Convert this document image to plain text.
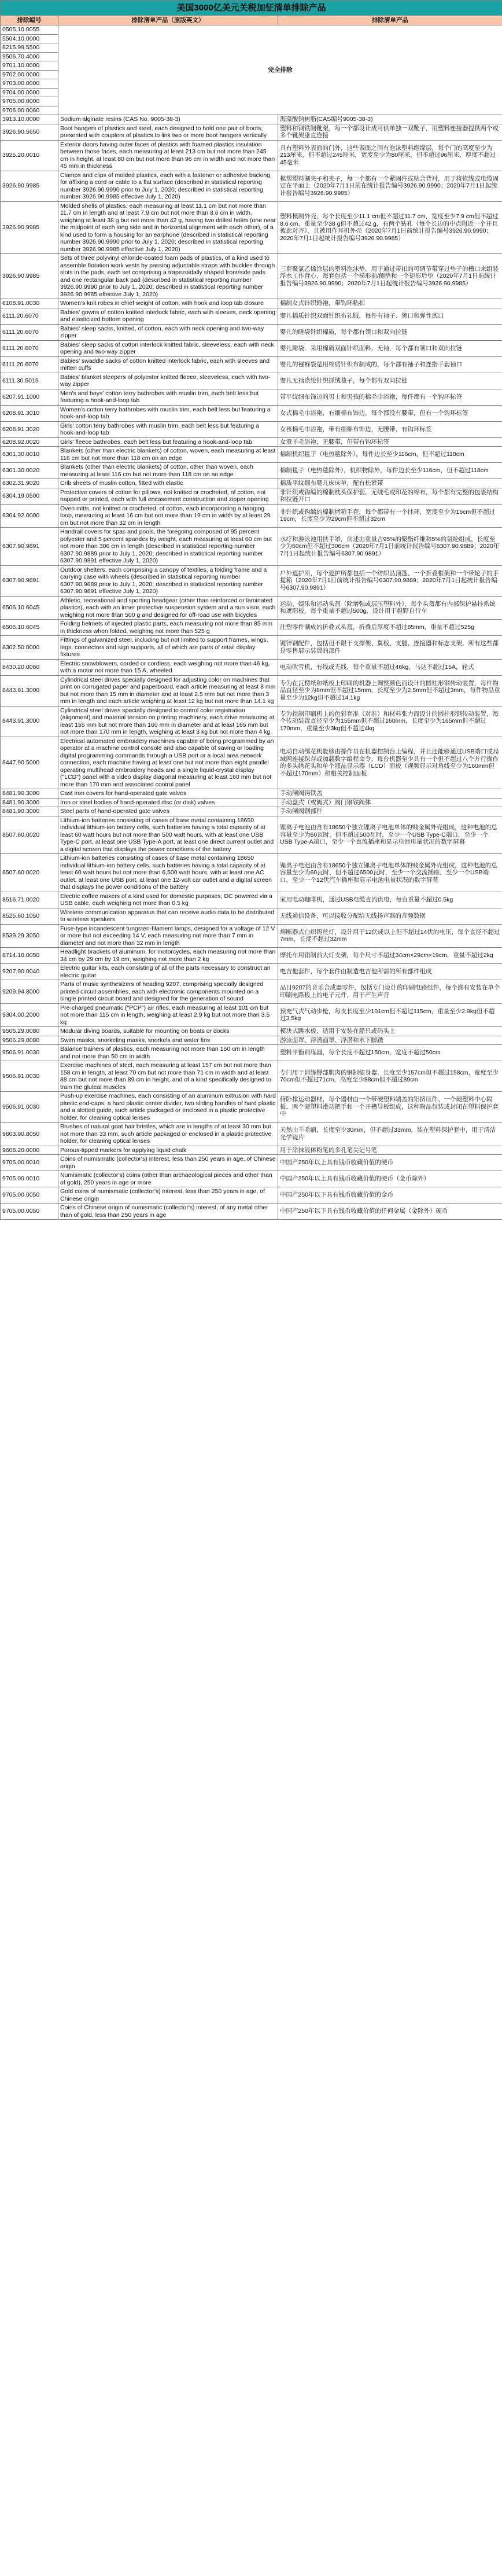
美国3000亿美元关税加征清单排除产品		
排除编号	排除清单产品（原版英文）	排除清单产品
0505.10.0055	完全排除	
5504.10.0000		
8215.99.5500		
9506.70.4000		
9701.10.0000		
9702.00.0000		
9703.00.0000		
9704.00.0000		
9705.00.0000		
9706.00.0060		
3913.10.0000	Sodium alginate resins (CAS No. 9005-38-3)	海藻酸钠树脂(CAS编号9005-38-3)
3926.90.5650	Boot hangers of plastics and steel, each designed to hold one pair of boots, presented with couplers of plastics to link two or more boot hangers vertically	塑料和钢铁制靴架，每一个都设计成可供单独一双靴子，用塑料连接器提供两个或多个靴架垂直连接
3925.20.0010	Exterior doors having outer faces of plastics with foamed plastics insulation between those faces, each measuring at least 213 cm but not more than 245 cm in height, at least 80 cm but not more than 96 cm in width and not more than 45 mm in thickness	具有塑料外表面的门外，这些表面之间有泡沫塑料绝缘层，每个门的高度至少为213厘米，但不超过245厘米，宽度至少为80厘米，但不超过96厘米，厚度不超过45毫米
3926.90.9985	Clamps and clips of molded plastics, each with a fastener or adhesive backing for affixing a cord or cable to a flat surface (described in statistical reporting number 3926.90.9990 prior to July 1, 2020; described in statistical reporting number 3926.90.9985 effective July 1, 2020)	模塑塑料制夹子和夹子，每一个都有一个紧固件或粘合背衬，用于将软线或电缆固定在平面上（2020年7月1日前在统计报告编号3926.90.9990；2020年7月1日起统计报告编号3926.90.9985）
3926.90.9985	Molded shells of plastics, each measuring at least 11.1 cm but not more than 11.7 cm in length and at least 7.9 cm but not more than 8.6 cm in width, weighing at least 38 g but not more than 42 g, having two drilled holes (one near the midpoint of each long side and in horizontal alignment with each other), of a kind used to form a housing for an earphone (described in statistical reporting number 3926.90.9990 prior to July 1, 2020; described in statistical reporting number 3926.90.9985 effective July 1, 2020)	塑料模制外壳，每个长度至少11.1 cm但不超过11.7 cm，宽度至少7.9 cm但不超过8.6 cm，重量至少38 g但不超过42 g，有两个钻孔（每个长边的中点附近一个并且彼此对齐），且被用作耳机外壳（2020年7月1日前统计报告编号3926.90.9990；2020年7月1日起统计报告编号3926.90.9985）
3926.90.9985	Sets of three polyvinyl chloride-coated foam pads of plastics, of a kind used to assemble flotation work vests by passing adjustable straps with buckles through slots in the pads, each set comprising a trapezoidally shaped front/side pads and one rectangular back pad (described in statistical reporting number 3926.90.9990 prior to July 1, 2020; described in statistical reporting number 3926.90.9985 effective July 1, 2020)	三套聚氯乙烯涂层的塑料泡沫垫，用于通过带扣的可调节带穿过垫子的槽口来组装浮水工作背心，每套包括一个梯形前/侧垫和一个矩形后垫（2020年7月1日前统计报告编号3926.90.9990；2020年7月1日起统计报告编号3926.90.9985）
6108.91.0030	Women's knit robes in chief weight of cotton, with hook and loop tab closure	棉制女式针织睡袍，带钩环粘扣
6111.20.6070	Babies' gowns of cotton knitted interlock fabric, each with sleeves, neck opening and elasticized bottom opening	婴儿棉质针织双面针织布礼服，每件有袖子、领口和弹性底口
6111.20.6070	Babies' sleep sacks, knitted, of cotton, each with neck opening and two-way zipper	婴儿的睡袋针织棉质，每个都有领口和双向拉链
6111.20.6070	Babies' sleep sacks of cotton interlock knitted fabric, sleeveless, each with neck opening and two-way zipper	婴儿睡袋，采用棉质双面针织面料，无袖，每个都有领口和双向拉链
6111.20.6070	Babies' swaddle sacks of cotton knitted interlock fabric, each with sleeves and mitten cuffs	婴儿的襁褓袋是用棉质针织布制成的，每个都有袖子和连指手套袖口
6111.30.5015	Babies' blanket sleepers of polyester knitted fleece, sleeveless, each with two-way zipper	婴儿无袖涤纶针织抓绒毯子，每个都有双向拉链
6207.91.1000	Men's and boys' cotton terry bathrobes with muslin trim, each belt less but featuring a hook-and-loop tab	带平纹细布饰边的男士和男孩的棉毛巾浴袍，每件都有一个钩环标签
6208.91.3010	Women's cotton terry bathrobes with muslin trim, each belt less but featuring a hook-and-loop tab	女式棉毛巾浴袍，有细棉布饰边，每个都没有腰带，但有一个钩环标签
6208.91.3020	Girls' cotton terry bathrobes with muslin trim, each belt less but featuring a hook-and-loop tab	女孩棉毛巾浴袍，带有细棉布饰边，无腰带，有钩环标签
6208.92.0020	Girls' fleece bathrobes, each belt less but featuring a hook-and-loop tab	女童羊毛浴袍，无腰带，但带有钩环标签
6301.30.0010	Blankets (other than electric blankets) of cotton, woven, each measuring at least 116 cm but not more than 118 cm on an edge	棉制机织毯子（电热毯除外），每件边长至少116cm，但不超过118cm
6301.30.0020	Blankets (other than electric blankets) of cotton, other than woven, each measuring at least 116 cm but not more than 118 cm on an edge	棉制毯子（电热毯除外），机织物除外，每件边长至少116cm，但不超过118cm
6302.31.9020	Crib sheets of muslin cotton, fitted with elastic	棉质平纹细布婴儿床床单，配有松紧带
6304.19.0500	Protective covers of cotton for pillows, not knitted or crocheted, of cotton, not napped or printed, each with full encasement construction and zipper opening	非针织或钩编的棉制枕头保护套，无绒毛或印花的棉布，每个都有完整的包裹结构和拉链开口
6304.92.0000	Oven mitts, not knitted or crocheted, of cotton, each incorporating a hanging loop, measuring at least 16 cm but not more than 19 cm in width by at least 29 cm but not more than 32 cm in length	非针织或钩编的棉制烤箱手套，每个都带有一个挂环，宽度至少为16cm但不超过19cm，长度至少为29cm但不超过32cm
6307.90.9891	Handrail covers for spas and pools, the foregoing composed of 95 percent polyester and 5 percent spandex by weight, each measuring at least 60 cm but not more than 306 cm in length (described in statistical reporting number 6307.90.9889 prior to July 1, 2020; described in statistical reporting number 6307.90.9891 effective July 1, 2020)	水疗和游泳池用扶手罩，前述由重量占95%的聚酯纤维和5%的氨纶组成，长度至少为60cm但不超过306cm（2020年7月1日前统计报告编号6307.90.9889；2020年7月1日起统计报告编号6307.90.9891）
6307.90.9891	Outdoor shelters, each comprising a canopy of textiles, a folding frame and a carrying case with wheels (described in statistical reporting number 6307.90.9889 prior to July 1, 2020; described in statistical reporting number 6307.90.9891 effective July 1, 2020)	户外遮护所，每个遮护所都包括一个纺织品顶篷、一个折叠框架和一个带轮子的手提箱（2020年7月1日前统计报告编号6307.90.9889；2020年7月1日起统计报告编号6307.90.9891）
6506.10.6045	Athletic, recreational and sporting headgear (other than reinforced or laminated plastics), each with an inner protective suspension system and a sun visor, each weighing not more than 500 g and designed for off-road use with bicycles	运动、娱乐和运动头盔（除增强或层压塑料外），每个头盔都有内部保护悬挂系统和遮阳板，每个重量不超过500g，设计用于越野自行车
6506.10.6045	Folding helmets of injected plastic parts, each measuring not more than 85 mm in thickness when folded, weighing not more than 525 g	注塑零件制成的折叠式头盔，折叠后厚度不超过85mm，重量不超过525g
8302.50.0000	Fittings of galvanized steel, including but not limited to support frames, wings, legs, connectors and sign supports, all of which are parts of retail display fixtures	镀锌钢配件，包括但不限于支撑架、翼板、支腿、连接器和标志支架，所有这些都是零售展示装置的部件
8430.20.0060	Electric snowblowers, corded or cordless, each weighing not more than 46 kg, with a motor not more than 15 A, wheeled	电动吹雪机，有线或无线，每个重量不超过46kg，马达不超过15A，轮式
8443.91.3000	Cylindrical steel drives specially designed for adjusting color on machines that print on corrugated paper and paperboard, each article measuring at least 8 mm but not more than 15 mm in diameter and at least 2.5 mm but not more than 3 mm in length and each article weighing at least 12 kg but not more than 14.1 kg	专为在瓦楞纸和纸板上印刷的机器上调整颜色而设计的圆柱形钢传动装置，每件物品直径至少为8mm但不超过15mm，长度至少为2.5mm但不超过3mm，每件物品重量至少为12kg但不超过14.1kg
8443.91.3000	Cylindrical steel drives specially designed to control color registration (alignment) and material tension on printing machinery, each drive measuring at least 155 mm but not more than 160 mm in diameter and at least 165 mm but not more than 170 mm in length, weighing at least 3 kg but not more than 4 kg	专为控制印刷机上的色彩套准（对准）和材料张力而设计的圆柱形钢传动装置，每个传动装置直径至少为155mm但不超过160mm，长度至少为165mm但不超过170mm，重量至少3kg但不超过4kg
8447.90.5000	Electrical automated embroidery machines capable of being programmed by an operator at a machine control console and also capable of saving or loading digital programming commands through a USB port or a local area network connection, each machine having at least one but not more than eight parallel operating multihead embroidery heads and a single liquid-crystal display ("LCD") panel with a video display diagonal measuring at least 160 mm but not more than 170 mm and associated control panel	电动自动绣花机能够由操作员在机器控制台上编程，并且还能够通过USB端口或局域网连接保存或加载数字编程命令，每台机器至少具有一个但不超过八个并行操作的多头绣花头和单个液晶显示器（LCD）面板（视频显示对角线至少为160mm但不超过170mm）和相关控制面板
8481.90.3000	Cast iron covers for hand-operated gate valves	手动闸阀铸铁盖
8481.90.3000	Iron or steel bodies of hand-operated disc (or disk) valves	手动盘式（或阀式）阀门钢铁阀体
8481.90.3000	Steel parts of hand-operated gate valves	手动闸阀钢部件
8507.60.0020	Lithium-ion batteries consisting of cases of base metal containing 18650 individual lithium-ion battery cells, such batteries having a total capacity of at least 60 watt hours but not more than 500 watt hours, with at least one USB Type-C port, at least one USB Type-A port, at least one direct current outlet and a digital screen that displays the power conditions of the battery	锂离子电池由含有18650个独立锂离子电池单体的贱金属外壳组成，这种电池的总容量至少为60瓦时，但不超过500瓦时，至少一个USB Type-C端口，至少一个USB Type-A端口，至少一个直流插座和显示电池电量状况的数字屏幕
8507.60.0020	Lithium-ion batteries consisting of cases of base metal containing 18650 individual lithium-ion battery cells, such batteries having a total capacity of at least 60 watt hours but not more than 6,500 watt hours, with at least one AC outlet, at least one USB port, at least one 12-volt car outlet and a digital screen that displays the power conditions of the battery	锂离子电池由含有18650个独立锂离子电池单体的贱金属外壳组成，这种电池的总容量至少为60瓦时，但不超过6500瓦时，至少一个交流插座，至少一个USB端口，至少一个12伏汽车插座和显示电池电量状况的数字屏幕
8516.71.0020	Electric coffee makers of a kind used for domestic purposes, DC powered via a USB cable, each weighing not more than 0.5 kg	家用电动咖啡机，通过USB电缆直流供电，每台重量不超过0.5kg
8525.60.1050	Wireless communication apparatus that can receive audio data to be distributed to wireless speakers	无线通信设备，可以接收分配给无线扬声器的音频数据
8539.29.3050	Fuse-type incandescent tungsten-filament lamps, designed for a voltage of 12 V or more but not exceeding 14 V, each measuring not more than 7 mm in diameter and not more than 32 mm in length	熔断器式白炽钨丝灯，设计用于12伏或以上但不超过14伏的电压，每个直径不超过7mm，长度不超过32mm
8714.10.0050	Headlight brackets of aluminum, for motorcycles, each measuring not more than 34 cm by 29 cm by 19 cm, weighing not more than 2 kg	摩托车用铝制前大灯支架，每个尺寸不超过34cm×29cm×19cm，重量不超过2kg
9207.90.0040	Electric guitar kits, each consisting of all of the parts necessary to construct an electric guitar	电吉他套件，每个套件由制造电吉他所需的所有部件组成
9209.94.8000	Parts of music synthesizers of heading 9207, comprising specially designed printed circuit assemblies, each with electronic components mounted on a single printed circuit board and designed for the generation of sound	品目9207的音乐合成器零件，包括专门设计的印刷电路组件，每个都有安装在单个印刷电路板上的电子元件，用于产生声音
9304.00.2000	Pre-charged pneumatic ("PCP") air rifles, each measuring at least 101 cm but not more than 115 cm in length, weighing at least 2.9 kg but not more than 3.5 kg	预充气式气动步枪，每支长度至少101cm但不超过115cm，重量至少2.9kg但不超过3.5kg
9506.29.0080	Modular diving boards, suitable for mounting on boats or docks	模块式跳水板，适用于安装在船只或码头上
9506.29.0080	Swim masks, snorkeling masks, snorkels and water fins	游泳面罩、浮潜面罩、浮潜和水下脚蹼
9506.91.0030	Balance trainers of plastics, each measuring not more than 150 cm in length and not more than 50 cm in width	塑料平衡训练器，每个长度不超过150cm，宽度不超过50cm
9506.91.0030	Exercise machines of steel, each measuring at least 157 cm but not more than 158 cm in length, at least 70 cm but not more than 71 cm in width and at least 88 cm but not more than 89 cm in height, and of a kind specifically designed to train the gluteal muscles	专门用于训练臀部肌肉的钢制健身器，长度至少157cm但不超过158cm，宽度至少70cm但不超过71cm，高度至少88cm但不超过89cm
9506.91.0030	Push-up exercise machines, each consisting of an aluminum extrusion with hard plastic end-caps, a hard plastic center divider, two sliding handles of hard plastic and a slotted guide, such article packaged or enclosed in a plastic protective holder, for cleaning optical lenses	俯卧撑运动器材，每个器材由一个带硬塑料端盖的铝挤压件、一个硬塑料中心隔板、两个硬塑料滑动把手和一个开槽导板组成，这种物品包装或封闭在塑料保护套中
9603.90.8050	Brushes of natural goat hair bristles, which are in lengths of at least 30 mm but not more than 33 mm, such article packaged or enclosed in a plastic protective holder, for cleaning optical lenses	天然山羊毛刷，长度至少30mm，但不超过33mm，装在塑料保护套中，用于清洁光学镜片
9608.20.0000	Porous-tipped markers for applying liquid chalk	用于涂抹液体粉笔的多孔笔尖记号笔
9705.00.0010	Coins of numismatic (collector's) interest, less than 250 years in age, of Chinese origin	中国产250年以上具有钱币收藏价值的硬币
9705.00.0010	Numismatic (collector's) coins (other than archaeological pieces and other than of gold), 250 years in age or more	中国产250年以上具有钱币收藏价值的硬币（金币除外）
9705.00.0050	Gold coins of numismatic (collector's) interest, less than 250 years in age, of Chinese origin	中国产250年以下具有钱币收藏价值的金币
9705.00.0050	Coins of Chinese origin of numismatic (collector's) interest, of any metal other than of gold, less than 250 years in age	中国产250年以下具有钱币收藏价值的任何金属（金除外）硬币
